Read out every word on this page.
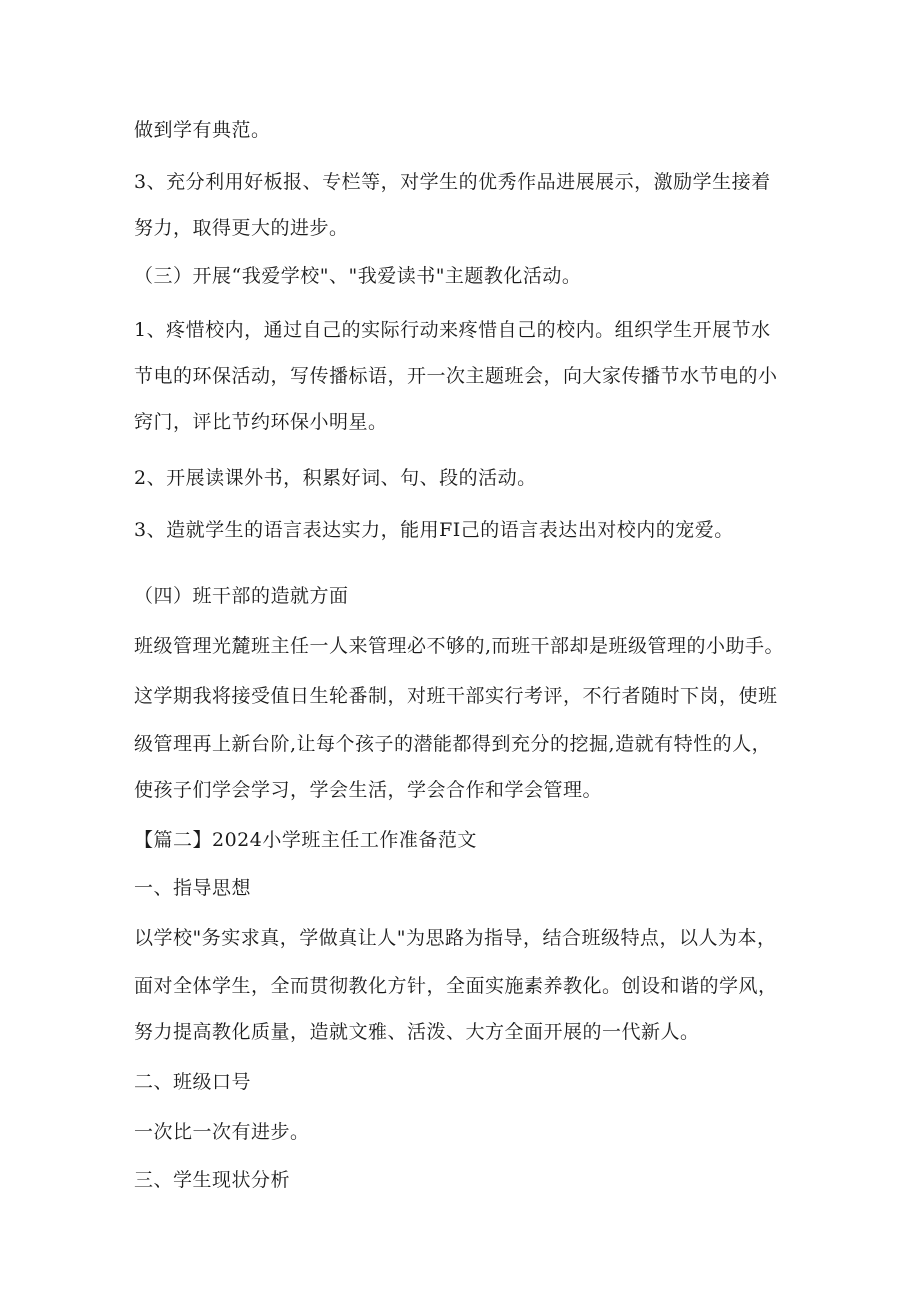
做到学有典范。
3、充分利用好板报、专栏等，对学生的优秀作品进展展示，激励学生接着
努力，取得更大的进步。
（三）开展“我爱学校"、"我爱读书"主题教化活动。
1、疼惜校内，通过自己的实际行动来疼惜自己的校内。组织学生开展节水
节电的环保活动，写传播标语，开一次主题班会，向大家传播节水节电的小
窍门，评比节约环保小明星。
2、开展读课外书，积累好词、句、段的活动。
3、造就学生的语言表达实力，能用FI己的语言表达出对校内的宠爱。
（四）班干部的造就方面
班级管理光麓班主任一人来管理必不够的,而班干部却是班级管理的小助手。
这学期我将接受值日生轮番制，对班干部实行考评，不行者随时下岗，使班
级管理再上新台阶,让每个孩子的潜能都得到充分的挖掘,造就有特性的人，
使孩子们学会学习，学会生活，学会合作和学会管理。
【篇二】2024小学班主任工作准备范文
一、指导思想
以学校"务实求真，学做真让人"为思路为指导，结合班级特点，以人为本，
面对全体学生，全而贯彻教化方针，全面实施素养教化。创设和谐的学风，
努力提高教化质量，造就文雅、活泼、大方全面开展的一代新人。
二、班级口号
一次比一次有进步。
三、学生现状分析
